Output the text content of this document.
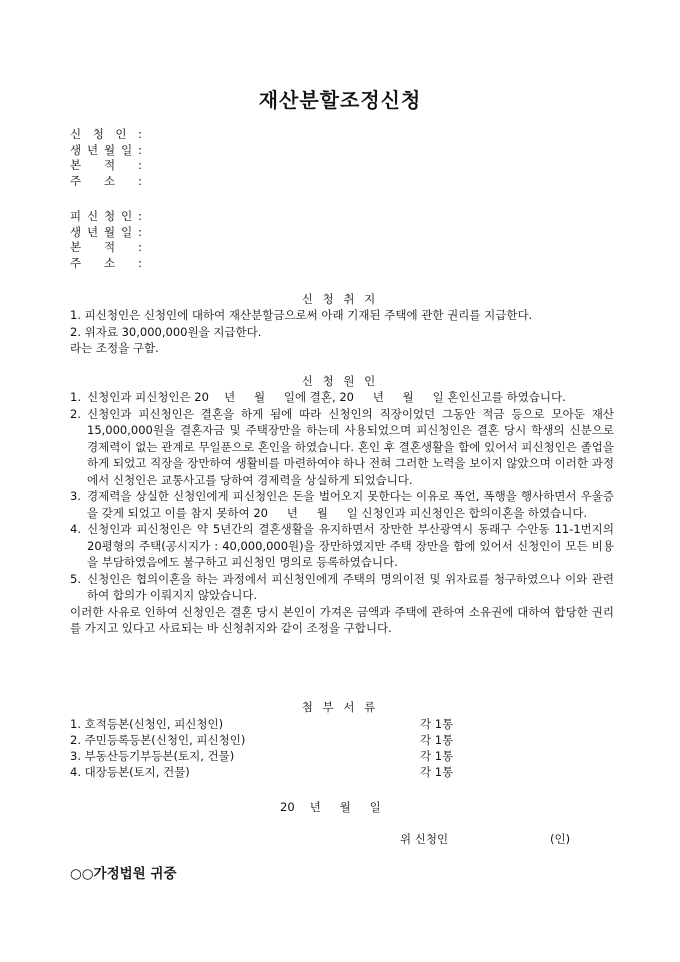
재산분할조정신청
신 청 인 :
생 년 월 일 :
본 적 :
주 소 :
피 신 청 인 :
생 년 월 일 :
본 적 :
주 소 :
신 청 취 지
1. 피신청인은 신청인에 대하여 재산분할금으로써 아래 기재된 주택에 관한 권리를 지급한다.
2. 위자료 30,000,000원을 지급한다.
라는 조정을 구함.
신 청 원 인
1. 신청인과 피신청인은 20　 년 　 월 　 일에 결혼, 20 　 년 　 월 　 일 혼인신고를 하였습니다.
2. 신청인과 피신청인은 결혼을 하게 됨에 따라 신청인의 직장이었던 그동안 적금 등으로 모아둔 재산 15,000,000원을 결혼자금 및 주택장만을 하는데 사용되었으며 피신청인은 결혼 당시 학생의 신분으로 경제력이 없는 관계로 무일푼으로 혼인을 하였습니다. 혼인 후 결혼생활을 함에 있어서 피신청인은 졸업을 하게 되었고 직장을 장만하여 생활비를 마련하여야 하나 전혀 그러한 노력을 보이지 않았으며 이러한 과정에서 신청인은 교통사고를 당하여 경제력을 상실하게 되었습니다.
3. 경제력을 상실한 신청인에게 피신청인은 돈을 벌어오지 못한다는 이유로 폭언, 폭행을 행사하면서 우울증을 갖게 되었고 이를 참지 못하여 20 　 년 　 월 　 일 신청인과 피신청인은 합의이혼을 하였습니다.
4. 신청인과 피신청인은 약 5년간의 결혼생활을 유지하면서 장만한 부산광역시 동래구 수안동 11-1번지의 20평형의 주택(공시지가 : 40,000,000원)을 장만하였지만 주택 장만을 함에 있어서 신청인이 모든 비용을 부담하였음에도 불구하고 피신청인 명의로 등록하였습니다.
5. 신청인은 협의이혼을 하는 과정에서 피신청인에게 주택의 명의이전 및 위자료를 청구하였으나 이와 관련하여 합의가 이뤄지지 않았습니다.
이러한 사유로 인하여 신청인은 결혼 당시 본인이 가져온 금액과 주택에 관하여 소유권에 대하여 합당한 권리를 가지고 있다고 사료되는 바 신청취지와 같이 조정을 구합니다.
첨 부 서 류
1. 호적등본(신청인, 피신청인)	각 1통
2. 주민등록등본(신청인, 피신청인)	각 1통
3. 부동산등기부등본(토지, 건물)	각 1통
4. 대장등본(토지, 건물)	각 1통
20　 년 　 월 　 일
위 신청인	(인)
○○가정법원 귀중
